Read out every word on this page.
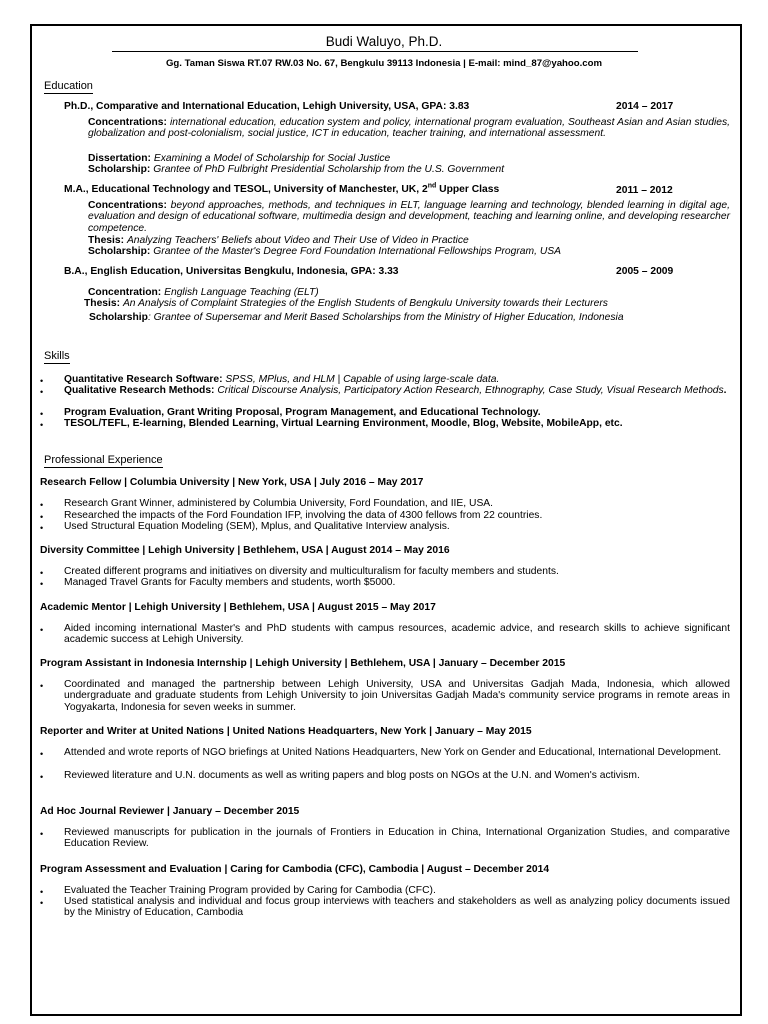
Budi Waluyo, Ph.D.
Gg. Taman Siswa RT.07 RW.03 No. 67, Bengkulu 39113 Indonesia | E-mail: mind_87@yahoo.com
Education
Ph.D., Comparative and International Education, Lehigh University, USA, GPA: 3.83	2014 – 2017
Concentrations: international education, education system and policy, international program evaluation, Southeast Asian and Asian studies, globalization and post-colonialism, social justice, ICT in education, teacher training, and international assessment.
Dissertation: Examining a Model of Scholarship for Social Justice
Scholarship: Grantee of PhD Fulbright Presidential Scholarship from the U.S. Government
M.A., Educational Technology and TESOL, University of Manchester, UK, 2nd Upper Class	2011 – 2012
Concentrations: beyond approaches, methods, and techniques in ELT, language learning and technology, blended learning in digital age, evaluation and design of educational software, multimedia design and development, teaching and learning online, and developing researcher competence.
Thesis: Analyzing Teachers' Beliefs about Video and Their Use of Video in Practice
Scholarship: Grantee of the Master's Degree Ford Foundation International Fellowships Program, USA
B.A., English Education, Universitas Bengkulu, Indonesia, GPA: 3.33	2005 – 2009
Concentration: English Language Teaching (ELT)
Thesis: An Analysis of Complaint Strategies of the English Students of Bengkulu University towards their Lecturers
Scholarship: Grantee of Supersemar and Merit Based Scholarships from the Ministry of Higher Education, Indonesia
Skills
• Quantitative Research Software: SPSS, MPlus, and HLM | Capable of using large-scale data.
• Qualitative Research Methods: Critical Discourse Analysis, Participatory Action Research, Ethnography, Case Study, Visual Research Methods.
• Program Evaluation, Grant Writing Proposal, Program Management, and Educational Technology.
• TESOL/TEFL, E-learning, Blended Learning, Virtual Learning Environment, Moodle, Blog, Website, MobileApp, etc.
Professional Experience
Research Fellow | Columbia University | New York, USA | July 2016 – May 2017
• Research Grant Winner, administered by Columbia University, Ford Foundation, and IIE, USA.
• Researched the impacts of the Ford Foundation IFP, involving the data of 4300 fellows from 22 countries.
• Used Structural Equation Modeling (SEM), Mplus, and Qualitative Interview analysis.
Diversity Committee | Lehigh University | Bethlehem, USA | August 2014 – May 2016
• Created different programs and initiatives on diversity and multiculturalism for faculty members and students.
• Managed Travel Grants for Faculty members and students, worth $5000.
Academic Mentor | Lehigh University | Bethlehem, USA | August 2015 – May 2017
• Aided incoming international Master's and PhD students with campus resources, academic advice, and research skills to achieve significant academic success at Lehigh University.
Program Assistant in Indonesia Internship | Lehigh University | Bethlehem, USA | January – December 2015
• Coordinated and managed the partnership between Lehigh University, USA and Universitas Gadjah Mada, Indonesia, which allowed undergraduate and graduate students from Lehigh University to join Universitas Gadjah Mada's community service programs in remote areas in Yogyakarta, Indonesia for seven weeks in summer.
Reporter and Writer at United Nations | United Nations Headquarters, New York | January – May 2015
• Attended and wrote reports of NGO briefings at United Nations Headquarters, New York on Gender and Educational, International Development.
• Reviewed literature and U.N. documents as well as writing papers and blog posts on NGOs at the U.N. and Women's activism.
Ad Hoc Journal Reviewer | January – December 2015
• Reviewed manuscripts for publication in the journals of Frontiers in Education in China, International Organization Studies, and comparative Education Review.
Program Assessment and Evaluation | Caring for Cambodia (CFC), Cambodia | August – December 2014
• Evaluated the Teacher Training Program provided by Caring for Cambodia (CFC).
• Used statistical analysis and individual and focus group interviews with teachers and stakeholders as well as analyzing policy documents issued by the Ministry of Education, Cambodia
